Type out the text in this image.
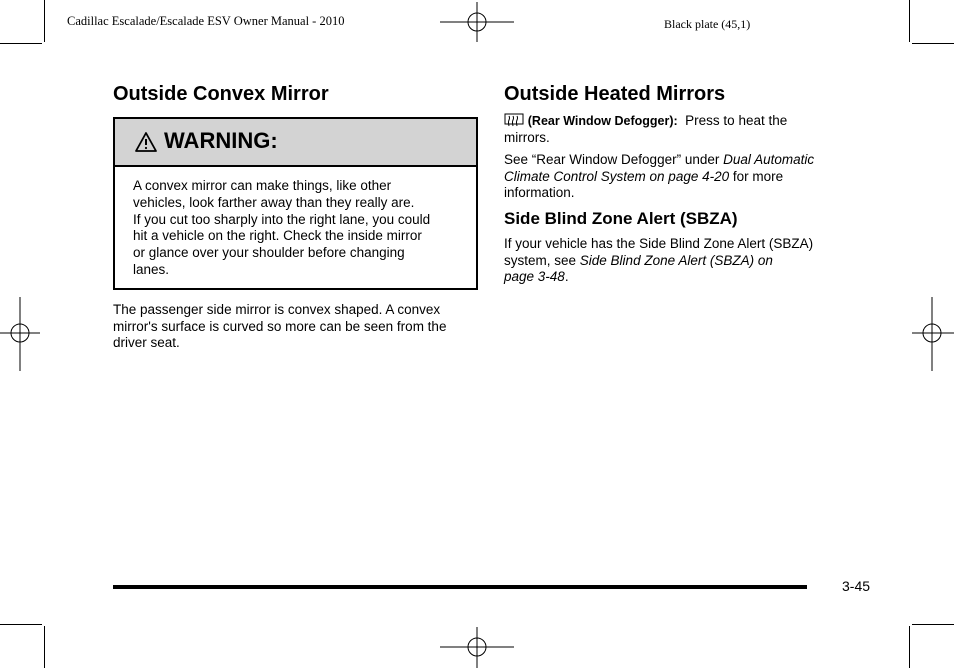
Cadillac Escalade/Escalade ESV Owner Manual - 2010	Black plate (45,1)
Outside Convex Mirror
WARNING:
A convex mirror can make things, like other
vehicles, look farther away than they really are.
If you cut too sharply into the right lane, you could
hit a vehicle on the right. Check the inside mirror
or glance over your shoulder before changing
lanes.
The passenger side mirror is convex shaped. A convex
mirror's surface is curved so more can be seen from the
driver seat.
Outside Heated Mirrors
(Rear Window Defogger): Press to heat the
mirrors.
See “Rear Window Defogger” under Dual Automatic
Climate Control System on page 4-20 for more
information.
Side Blind Zone Alert (SBZA)
If your vehicle has the Side Blind Zone Alert (SBZA)
system, see Side Blind Zone Alert (SBZA) on
page 3-48.
3-45
